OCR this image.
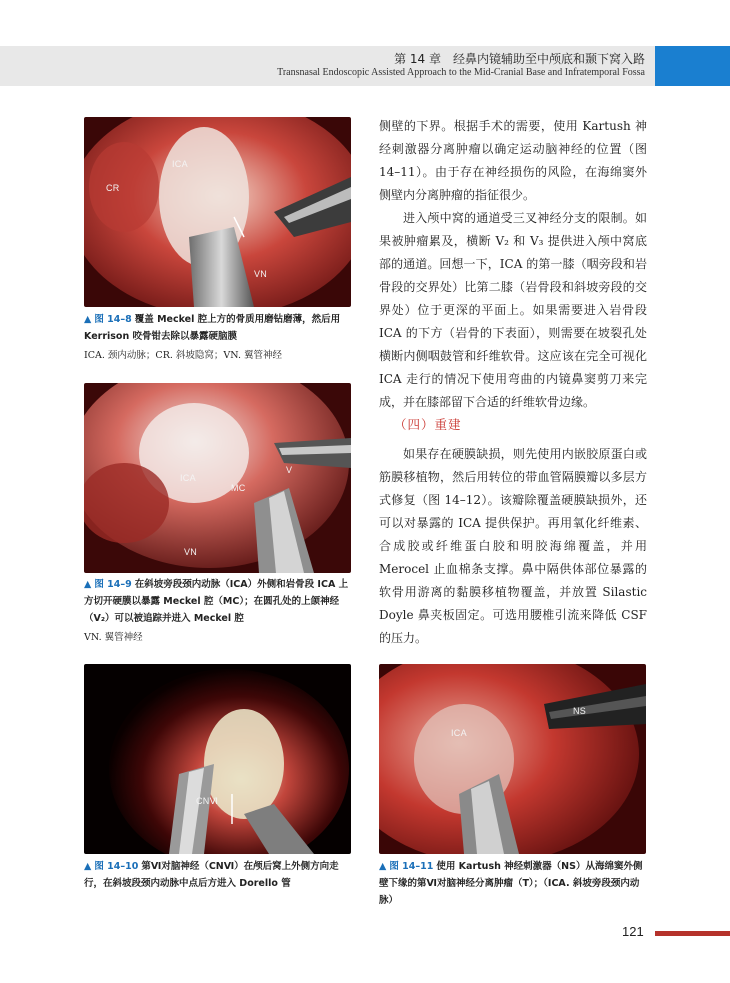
第 14 章　经鼻内镜辅助至中颅底和颞下窝入路
Transnasal Endoscopic Assisted Approach to the Mid-Cranial Base and Infratemporal Fossa
ICA
CR
VN
▲ 图 14–8 覆盖 Meckel 腔上方的骨质用磨钻磨薄，然后用 Kerrison 咬骨钳去除以暴露硬脑膜
ICA. 颈内动脉；CR. 斜坡隐窝；VN. 翼管神经
ICA
MC
V
VN
▲ 图 14–9 在斜坡旁段颈内动脉（ICA）外侧和岩骨段 ICA 上方切开硬膜以暴露 Meckel 腔（MC）；在圆孔处的上颌神经（V₂）可以被追踪并进入 Meckel 腔
VN. 翼管神经
CNⅥ
▲ 图 14–10 第Ⅵ对脑神经（CNⅥ）在颅后窝上外侧方向走行，在斜坡段颈内动脉中点后方进入 Dorello 管
NS
ICA
▲ 图 14–11 使用 Kartush 神经刺激器（NS）从海绵窦外侧壁下缘的第Ⅵ对脑神经分离肿瘤（T）；（ICA. 斜坡旁段颈内动脉）

侧壁的下界。根据手术的需要，使用 Kartush 神经刺激器分离肿瘤以确定运动脑神经的位置（图 14–11）。由于存在神经损伤的风险，在海绵窦外侧壁内分离肿瘤的指征很少。

进入颅中窝的通道受三叉神经分支的限制。如果被肿瘤累及，横断 V₂ 和 V₃ 提供进入颅中窝底部的通道。回想一下，ICA 的第一膝（咽旁段和岩骨段的交界处）比第二膝（岩骨段和斜坡旁段的交界处）位于更深的平面上。如果需要进入岩骨段 ICA 的下方（岩骨的下表面），则需要在坡裂孔处横断内侧咽鼓管和纤维软骨。这应该在完全可视化 ICA 走行的情况下使用弯曲的内镜鼻窦剪刀来完成，并在膝部留下合适的纤维软骨边缘。

（四）重建

如果存在硬膜缺损，则先使用内嵌胶原蛋白或筋膜移植物，然后用转位的带血管隔膜瓣以多层方式修复（图 14–12）。该瓣除覆盖硬膜缺损外，还可以对暴露的 ICA 提供保护。再用氧化纤维素、合成胶或纤维蛋白胶和明胶海绵覆盖，并用 Merocel 止血棉条支撑。鼻中隔供体部位暴露的软骨用游离的黏膜移植物覆盖，并放置 Silastic Doyle 鼻夹板固定。可选用腰椎引流来降低 CSF 的压力。

121
